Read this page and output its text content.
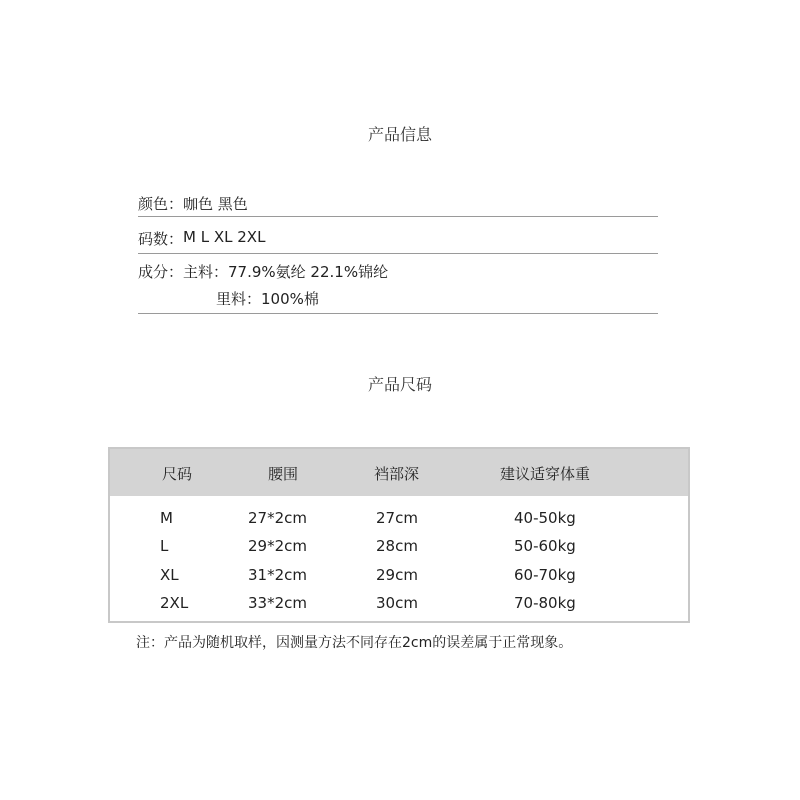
产品信息
颜色： 咖色 黑色
码数： M L XL 2XL
成分： 主料：77.9%氨纶 22.1%锦纶
里料：100%棉
产品尺码
尺码	腰围	裆部深	建议适穿体重
M	27*2cm	27cm	40-50kg
L	29*2cm	28cm	50-60kg
XL	31*2cm	29cm	60-70kg
2XL	33*2cm	30cm	70-80kg
注：产品为随机取样，因测量方法不同存在2cm的误差属于正常现象。
